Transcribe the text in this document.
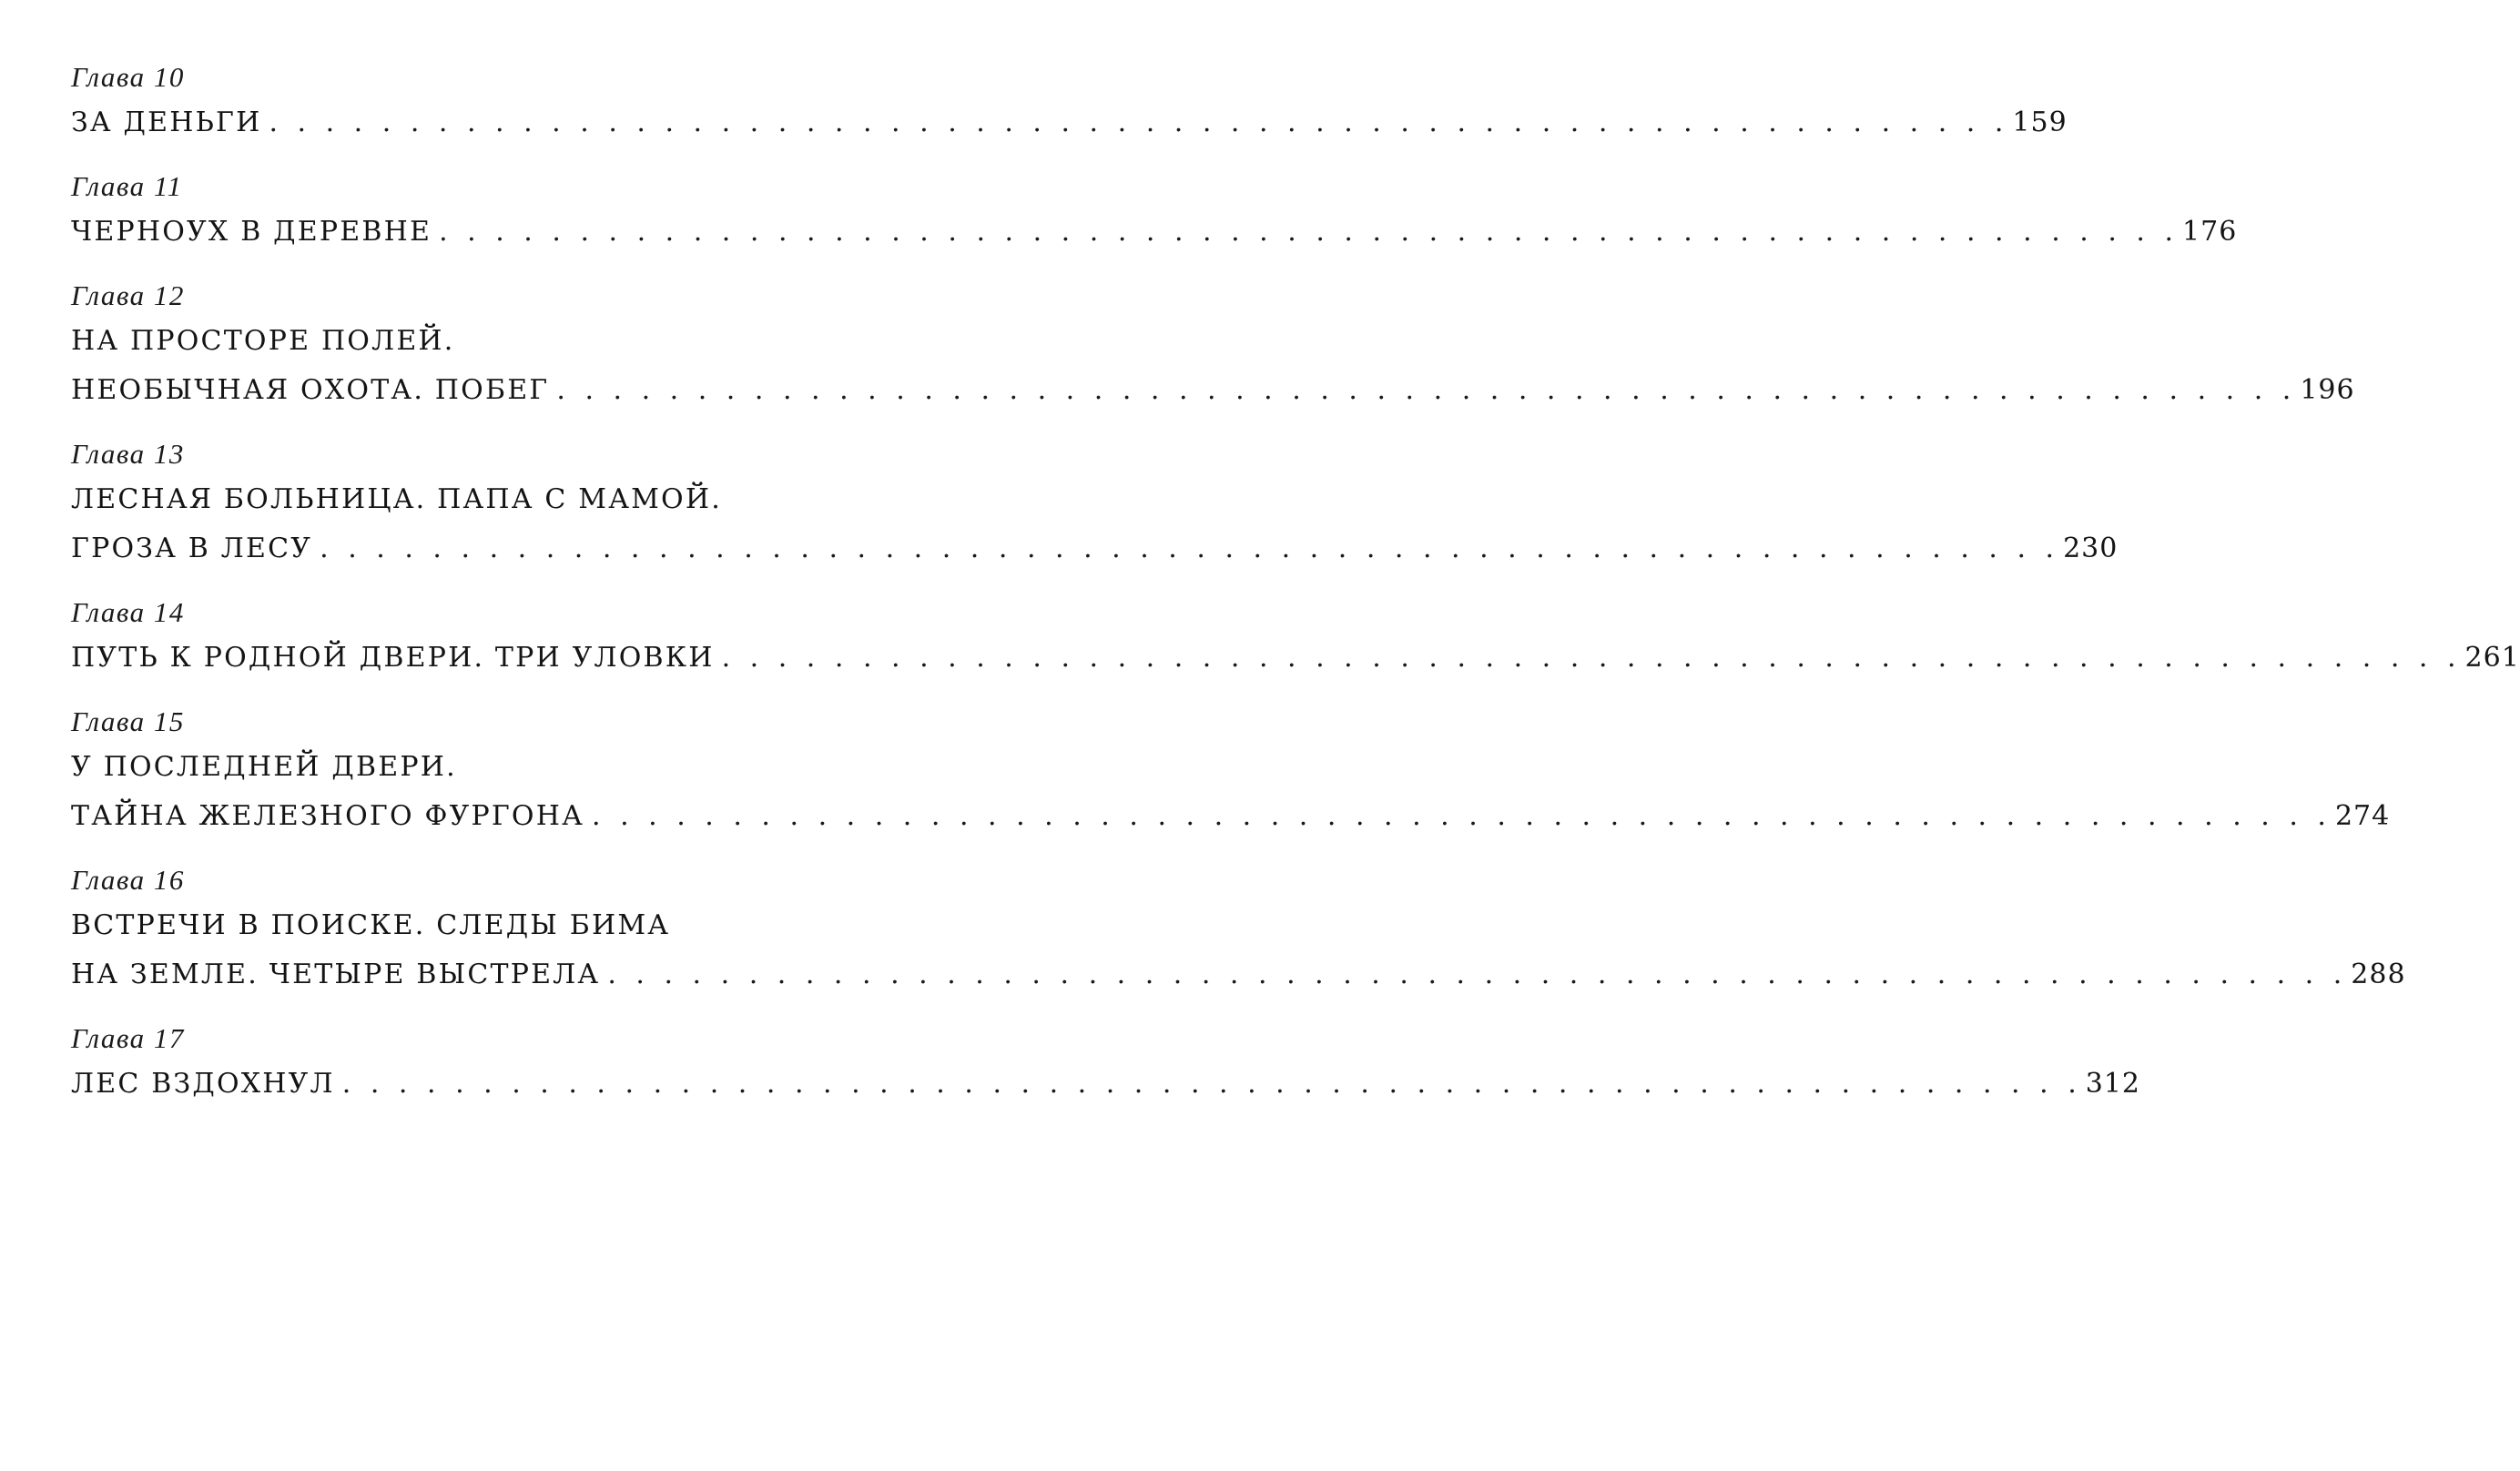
Глава 10
ЗА ДЕНЬГИ . . . . . . . . . . . . . . . . . . . . . . . . . . . . . . . . . . . . . . . . . . . . . . . . . . . . . . . . . . . . . . 159
Глава 11
ЧЕРНОУХ В ДЕРЕВНЕ . . . . . . . . . . . . . . . . . . . . . . . . . . . . . . . . . . . . . . . . . . . . . . . . . . . . . . . . . . . . . . 176
Глава 12
НА ПРОСТОРЕ ПОЛЕЙ.
НЕОБЫЧНАЯ ОХОТА. ПОБЕГ . . . . . . . . . . . . . . . . . . . . . . . . . . . . . . . . . . . . . . . . . . . . . . . . . . . . . . . . . . . . . . 196
Глава 13
ЛЕСНАЯ БОЛЬНИЦА. ПАПА С МАМОЙ.
ГРОЗА В ЛЕСУ . . . . . . . . . . . . . . . . . . . . . . . . . . . . . . . . . . . . . . . . . . . . . . . . . . . . . . . . . . . . . . 230
Глава 14
ПУТЬ К РОДНОЙ ДВЕРИ. ТРИ УЛОВКИ . . . . . . . . . . . . . . . . . . . . . . . . . . . . . . . . . . . . . . . . . . . . . . . . . . . . . . . . . . . . . . 261
Глава 15
У ПОСЛЕДНЕЙ ДВЕРИ.
ТАЙНА ЖЕЛЕЗНОГО ФУРГОНА . . . . . . . . . . . . . . . . . . . . . . . . . . . . . . . . . . . . . . . . . . . . . . . . . . . . . . . . . . . . . . 274
Глава 16
ВСТРЕЧИ В ПОИСКЕ. СЛЕДЫ БИМА
НА ЗЕМЛЕ. ЧЕТЫРЕ ВЫСТРЕЛА . . . . . . . . . . . . . . . . . . . . . . . . . . . . . . . . . . . . . . . . . . . . . . . . . . . . . . . . . . . . . . 288
Глава 17
ЛЕС ВЗДОХНУЛ . . . . . . . . . . . . . . . . . . . . . . . . . . . . . . . . . . . . . . . . . . . . . . . . . . . . . . . . . . . . . . 312
